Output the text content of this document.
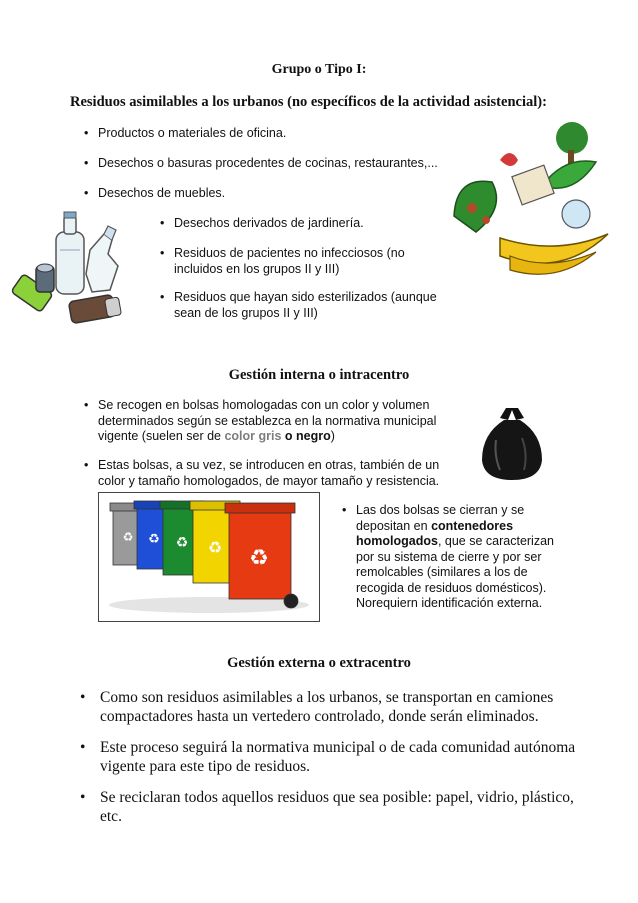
Grupo o Tipo I:
Residuos asimilables a los urbanos (no específicos de la actividad asistencial):
• Productos o materiales de oficina.
• Desechos o basuras procedentes de cocinas, restaurantes,...
• Desechos de muebles.
• Desechos derivados de jardinería.
• Residuos de pacientes no infecciosos (no
incluidos en los grupos II y III)
• Residuos que hayan sido esterilizados (aunque
sean de los grupos II y III)
Gestión interna o intracentro
• Se recogen en bolsas homologadas con un color y volumen
determinados según se establezca en la normativa municipal
vigente (suelen ser de color gris o negro)
• Estas bolsas, a su vez, se introducen en otras, también de un
color y tamaño homologados, de mayor tamaño y resistencia.
• Las dos bolsas se cierran y se
depositan en contenedores
homologados, que se caracterizan
por su sistema de cierre y por ser
remolcables (similares a los de
recogida de residuos domésticos).
Norequiern identificación externa.
♻ ♻ ♻ ♻ ♻
Gestión externa o extracentro
• Como son residuos asimilables a los urbanos, se transportan en camiones
compactadores hasta un vertedero controlado, donde serán eliminados.
• Este proceso seguirá la normativa municipal o de cada comunidad autónoma
vigente para este tipo de residuos.
• Se reciclaran todos aquellos residuos que sea posible: papel, vidrio, plástico,
etc.
